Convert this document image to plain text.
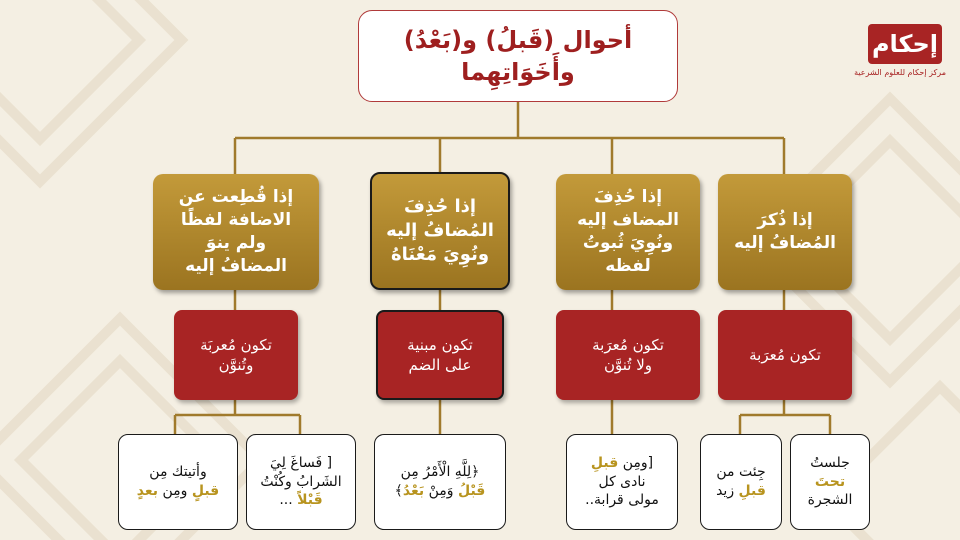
أحوال (قَبلُ) و(بَعْدُ)
وأَخَوَاتِهِما
إحكام
مركز إحكام للعلوم الشرعية
إذا ذُكرَ
المُضافُ إليه
تكون مُعرَبة
جِئت من
قبلِ زيد
جلستُ
تحتَ
الشجرة
إذا حُذِفَ
المضاف إليه
ونُوِيَ ثُبوتُ
لفظه
تكون مُعرَبة
ولا تُنوَّن
[ومِن قبلِ
نادى كل
مولى قرابة..
إذا حُذِفَ
المُضافُ إليه
ونُوِيَ مَعْنَاهُ
تكون مبنية
على الضم
﴿لِلَّهِ الْأَمْرُ مِن
قَبْلُ وَمِنْ بَعْدُ﴾
إذا قُطِعت عن
الاضافة لفظًا
ولم ينوَ
المضافُ إليه
تكون مُعربَة
وتُنوَّن
[ فَساغَ لِيَ
الشَرابُ وكُنْتُ
قَبْلاً ...
وأتيتك مِن
قبلٍ ومِن بعدٍ
